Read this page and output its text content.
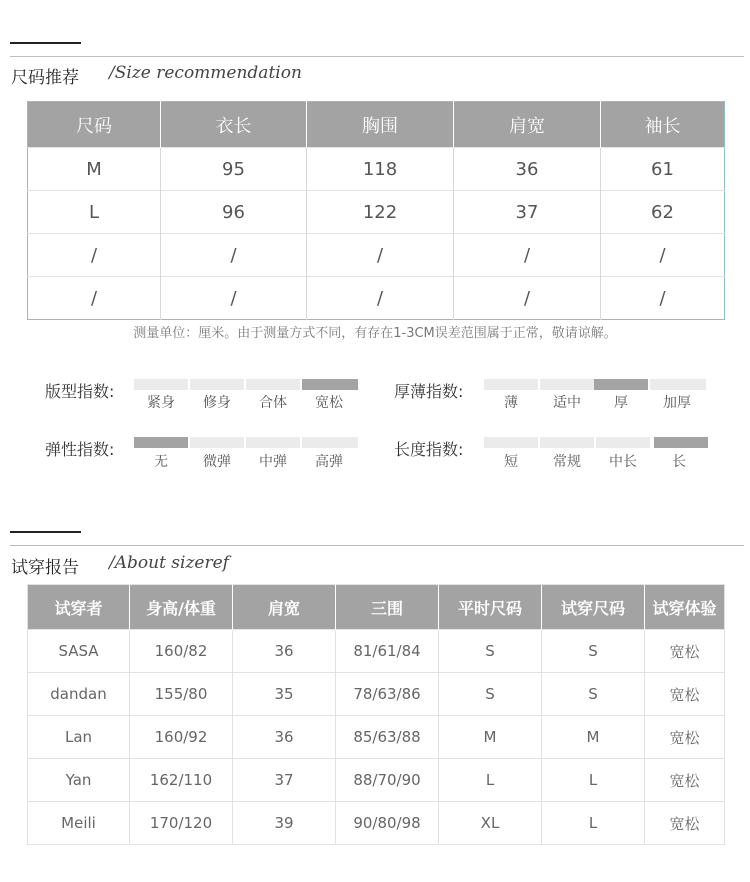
尺码推荐 /Size recommendation
尺码	衣长	胸围	肩宽	袖长
M	95	118	36	61
L	96	122	37	62
/	/	/	/	/
/	/	/	/	/
测量单位：厘米。由于测量方式不同，有存在1-3CM误差范围属于正常，敬请谅解。
版型指数:
紧身	修身	合体	宽松
厚薄指数:
薄	适中	厚	加厚
弹性指数:
无	微弹	中弹	高弹
长度指数:
短	常规	中长	长
试穿报告 /About sizeref
试穿者	身高/体重	肩宽	三围	平时尺码	试穿尺码	试穿体验
SASA	160/82	36	81/61/84	S	S	宽松
dandan	155/80	35	78/63/86	S	S	宽松
Lan	160/92	36	85/63/88	M	M	宽松
Yan	162/110	37	88/70/90	L	L	宽松
Meili	170/120	39	90/80/98	XL	L	宽松
